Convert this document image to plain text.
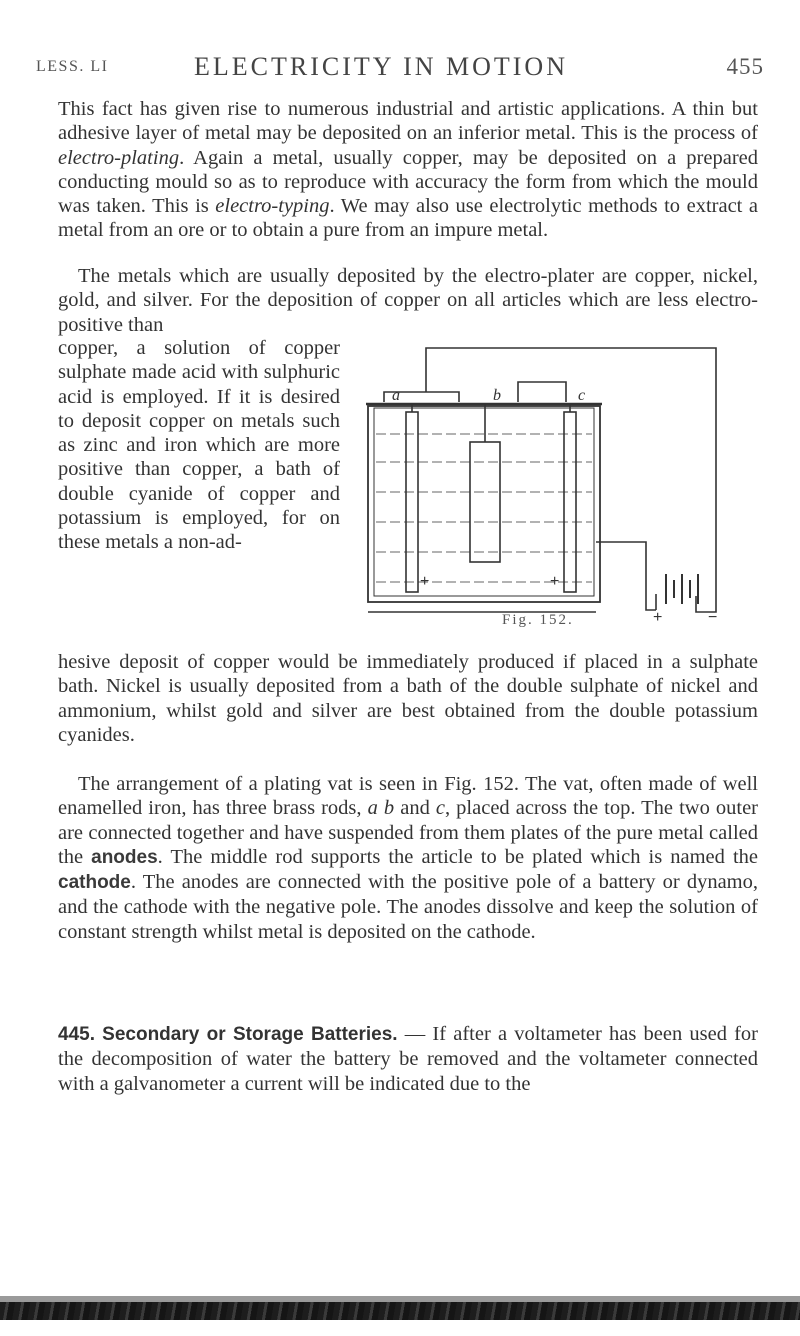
LESS. LI	ELECTRICITY IN MOTION	455

This fact has given rise to numerous industrial and artistic applications. A thin but adhesive layer of metal may be deposited on an inferior metal. This is the process of electro-plating. Again a metal, usually copper, may be deposited on a prepared conducting mould so as to reproduce with accuracy the form from which the mould was taken. This is electro-typing. We may also use electrolytic methods to extract a metal from an ore or to obtain a pure from an impure metal.

The metals which are usually deposited by the electro-plater are copper, nickel, gold, and silver. For the deposition of copper on all articles which are less electro-positive than

copper, a solution of copper sulphate made acid with sulphuric acid is employed. If it is desired to deposit copper on metals such as zinc and iron which are more positive than copper, a bath of double cyanide of copper and potassium is employed, for on these metals a non-ad-

a	b	c
+	+
+	−
Fig. 152.

hesive deposit of copper would be immediately produced if placed in a sulphate bath. Nickel is usually deposited from a bath of the double sulphate of nickel and ammonium, whilst gold and silver are best obtained from the double potassium cyanides.

The arrangement of a plating vat is seen in Fig. 152. The vat, often made of well enamelled iron, has three brass rods, a b and c, placed across the top. The two outer are connected together and have suspended from them plates of the pure metal called the anodes. The middle rod supports the article to be plated which is named the cathode. The anodes are connected with the positive pole of a battery or dynamo, and the cathode with the negative pole. The anodes dissolve and keep the solution of constant strength whilst metal is deposited on the cathode.

445. Secondary or Storage Batteries. — If after a voltameter has been used for the decomposition of water the battery be removed and the voltameter connected with a galvanometer a current will be indicated due to the
